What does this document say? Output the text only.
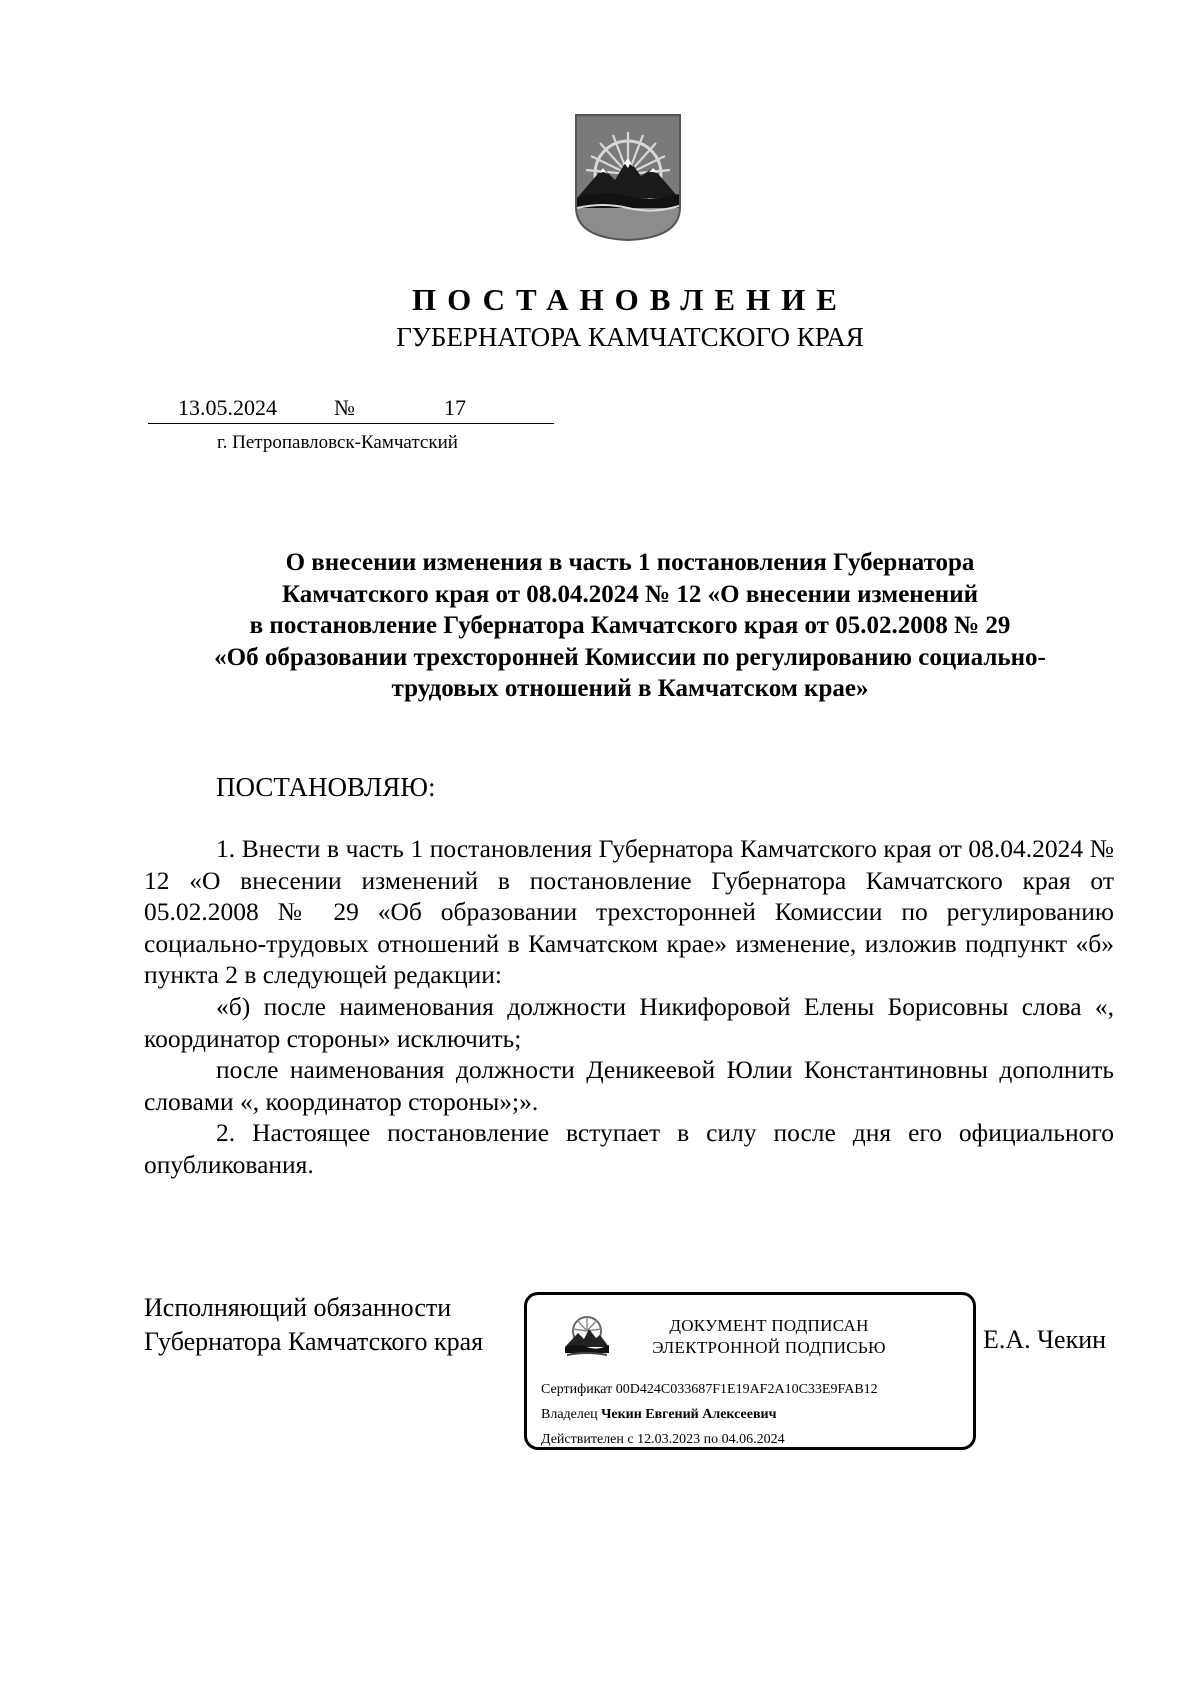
ПОСТАНОВЛЕНИЕ
ГУБЕРНАТОРА КАМЧАТСКОГО КРАЯ
13.05.2024	№	17
г. Петропавловск-Камчатский
О внесении изменения в часть 1 постановления Губернатора
Камчатского края от 08.04.2024 № 12 «О внесении изменений
в постановление Губернатора Камчатского края от 05.02.2008 № 29
«Об образовании трехсторонней Комиссии по регулированию социально-
трудовых отношений в Камчатском крае»
ПОСТАНОВЛЯЮ:

1. Внести в часть 1 постановления Губернатора Камчатского края от 08.04.2024 № 12 «О внесении изменений в постановление Губернатора Камчатского края от 05.02.2008 № 29 «Об образовании трехсторонней Комиссии по регулированию социально-трудовых отношений в Камчатском крае» изменение, изложив подпункт «б» пункта 2 в следующей редакции:

«б) после наименования должности Никифоровой Елены Борисовны слова «, координатор стороны» исключить;

после наименования должности Деникеевой Юлии Константиновны дополнить словами «, координатор стороны»;».

2. Настоящее постановление вступает в силу после дня его официального опубликования.

Исполняющий обязанности
Губернатора Камчатского края	Е.А. Чекин
ДОКУМЕНТ ПОДПИСАН
ЭЛЕКТРОННОЙ ПОДПИСЬЮ
Сертификат 00D424C033687F1E19AF2A10C33E9FAB12
Владелец Чекин Евгений Алексеевич
Действителен с 12.03.2023 по 04.06.2024
